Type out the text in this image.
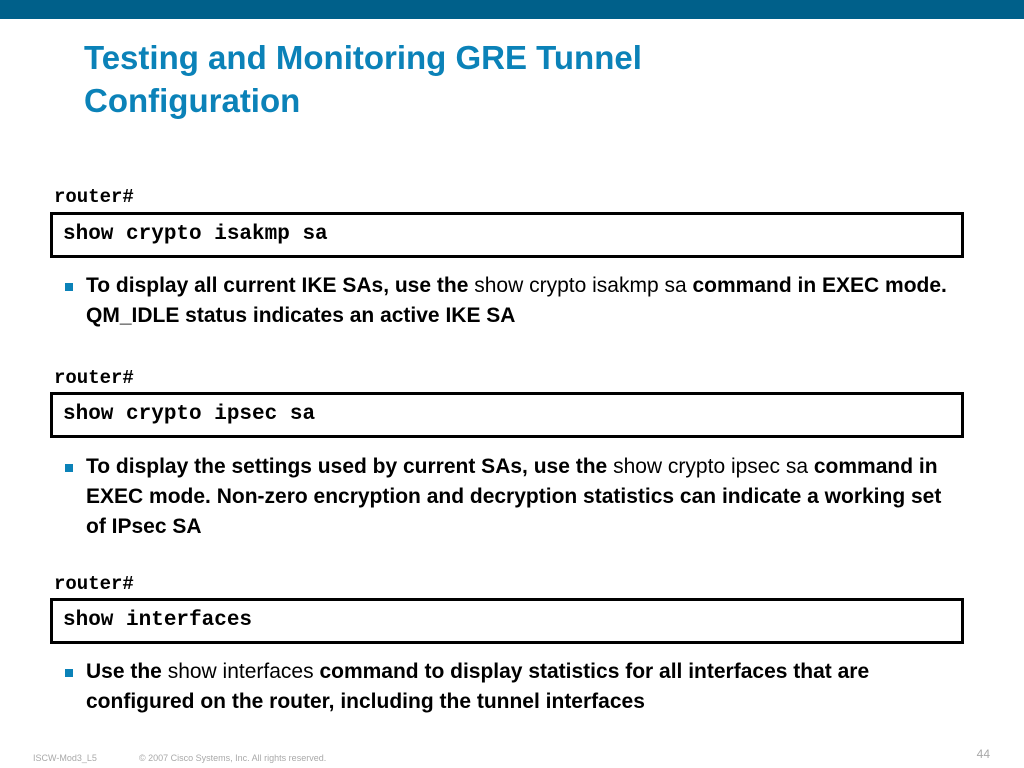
Testing and Monitoring GRE Tunnel
Configuration
router#
show crypto isakmp sa
To display all current IKE SAs, use the show crypto isakmp sa command in EXEC mode. QM_IDLE status indicates an active IKE SA
router#
show crypto ipsec sa
To display the settings used by current SAs, use the show crypto ipsec sa command in EXEC mode. Non-zero encryption and decryption statistics can indicate a working set of IPsec SA
router#
show interfaces
Use the show interfaces command to display statistics for all interfaces that are configured on the router, including the tunnel interfaces
ISCW-Mod3_L5	© 2007 Cisco Systems, Inc. All rights reserved.	44
